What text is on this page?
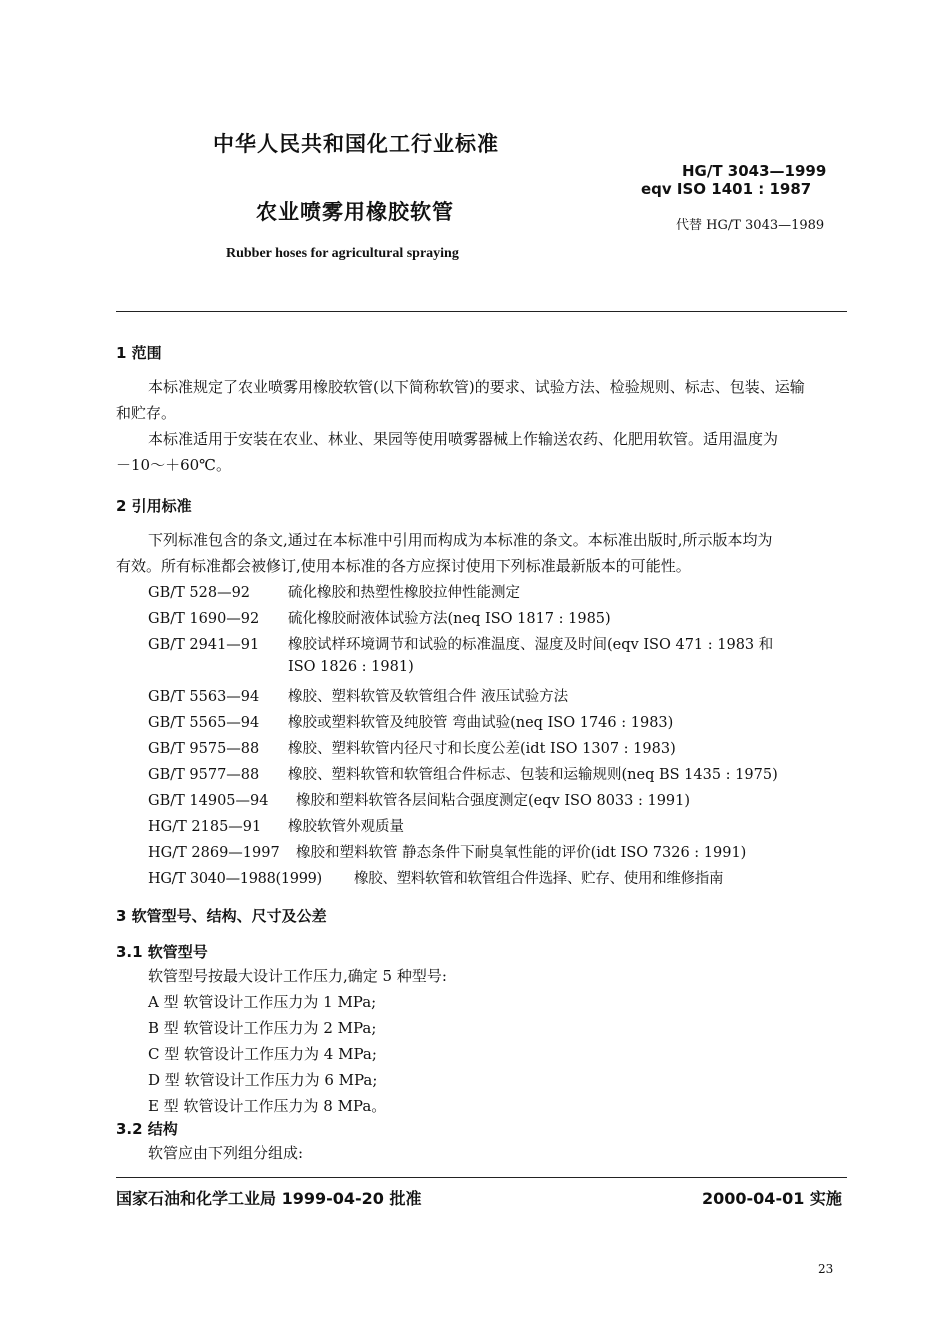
中华人民共和国化工行业标准
HG/T 3043—1999
eqv ISO 1401 : 1987
农业喷雾用橡胶软管
代替 HG/T 3043—1989
Rubber hoses for agricultural spraying
1 范围
本标准规定了农业喷雾用橡胶软管(以下简称软管)的要求、试验方法、检验规则、标志、包装、运输
和贮存。
本标准适用于安装在农业、林业、果园等使用喷雾器械上作输送农药、化肥用软管。适用温度为
－10～＋60℃。
2 引用标准
下列标准包含的条文,通过在本标准中引用而构成为本标准的条文。本标准出版时,所示版本均为
有效。所有标准都会被修订,使用本标准的各方应探讨使用下列标准最新版本的可能性。
GB/T 528—92	硫化橡胶和热塑性橡胶拉伸性能测定
GB/T 1690—92 硫化橡胶耐液体试验方法(neq ISO 1817 : 1985)
GB/T 2941—91 橡胶试样环境调节和试验的标准温度、湿度及时间(eqv ISO 471 : 1983 和
ISO 1826 : 1981)
GB/T 5563—94 橡胶、塑料软管及软管组合件 液压试验方法
GB/T 5565—94 橡胶或塑料软管及纯胶管 弯曲试验(neq ISO 1746 : 1983)
GB/T 9575—88 橡胶、塑料软管内径尺寸和长度公差(idt ISO 1307 : 1983)
GB/T 9577—88 橡胶、塑料软管和软管组合件标志、包装和运输规则(neq BS 1435 : 1975)
GB/T 14905—94 橡胶和塑料软管各层间粘合强度测定(eqv ISO 8033 : 1991)
HG/T 2185—91 橡胶软管外观质量
HG/T 2869—1997 橡胶和塑料软管 静态条件下耐臭氧性能的评价(idt ISO 7326 : 1991)
HG/T 3040—1988(1999) 橡胶、塑料软管和软管组合件选择、贮存、使用和维修指南
3 软管型号、结构、尺寸及公差
3.1 软管型号
软管型号按最大设计工作压力,确定 5 种型号:
A 型 软管设计工作压力为 1 MPa;
B 型 软管设计工作压力为 2 MPa;
C 型 软管设计工作压力为 4 MPa;
D 型 软管设计工作压力为 6 MPa;
E 型 软管设计工作压力为 8 MPa。
3.2 结构
软管应由下列组分组成:
国家石油和化学工业局 1999-04-20 批准	2000-04-01 实施
23
